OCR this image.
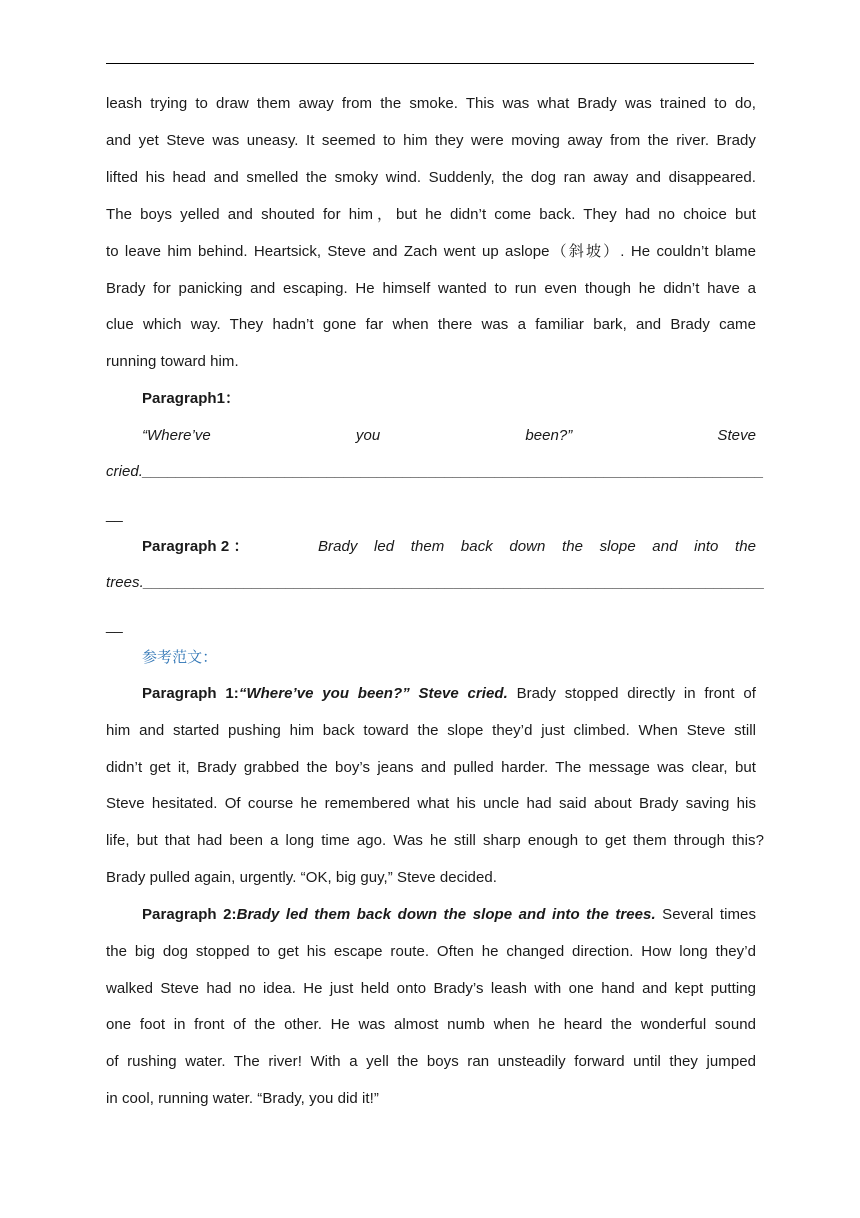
leash trying to draw them away from the smoke. This was what Brady was trained to do,
and yet Steve was uneasy. It seemed to him they were moving away from the river. Brady
lifted his head and smelled the smoky wind. Suddenly, the dog ran away and disappeared.
The boys yelled and shouted for him，but he didn’t come back. They had no choice but
to leave him behind. Heartsick, Steve and Zach went up aslope（斜坡）. He couldn’t blame
Brady for panicking and escaping. He himself wanted to run even though he didn’t have a
clue which way. They hadn’t gone far when there was a familiar bark, and Brady came
running toward him.
Paragraph1：
“Where’ve	you	been?”	Steve
cried.__________________________________________________________________________
__
Paragraph 2 ：	Brady led them back down the slope and into the
trees.__________________________________________________________________________
__
参考范文：
Paragraph 1:“Where’ve you been?” Steve cried. Brady stopped directly in front of
him and started pushing him back toward the slope they’d just climbed. When Steve still
didn’t get it, Brady grabbed the boy’s jeans and pulled harder. The message was clear, but
Steve hesitated. Of course he remembered what his uncle had said about Brady saving his
life, but that had been a long time ago. Was he still sharp enough to get them through this?
Brady pulled again, urgently. “OK, big guy,” Steve decided.
Paragraph 2:Brady led them back down the slope and into the trees. Several times
the big dog stopped to get his escape route. Often he changed direction. How long they’d
walked Steve had no idea. He just held onto Brady’s leash with one hand and kept putting
one foot in front of the other. He was almost numb when he heard the wonderful sound
of rushing water. The river! With a yell the boys ran unsteadily forward until they jumped
in cool, running water. “Brady, you did it!”
